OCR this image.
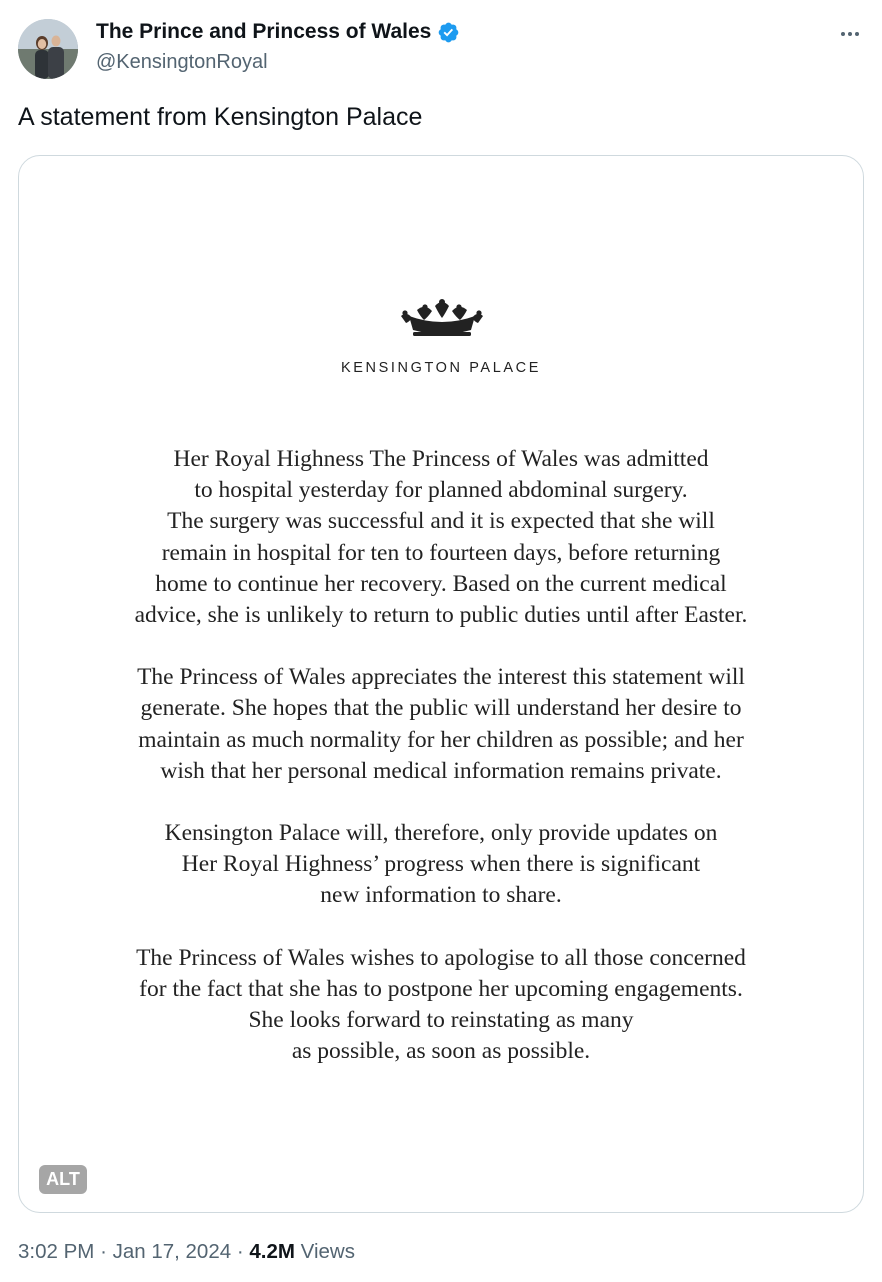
The Prince and Princess of Wales
@KensingtonRoyal
A statement from Kensington Palace
KENSINGTON PALACE

Her Royal Highness The Princess of Wales was admitted
to hospital yesterday for planned abdominal surgery.
The surgery was successful and it is expected that she will
remain in hospital for ten to fourteen days, before returning
home to continue her recovery. Based on the current medical
advice, she is unlikely to return to public duties until after Easter.

The Princess of Wales appreciates the interest this statement will
generate. She hopes that the public will understand her desire to
maintain as much normality for her children as possible; and her
wish that her personal medical information remains private.

Kensington Palace will, therefore, only provide updates on
Her Royal Highness’ progress when there is significant
new information to share.

The Princess of Wales wishes to apologise to all those concerned
for the fact that she has to postpone her upcoming engagements.
She looks forward to reinstating as many
as possible, as soon as possible.

ALT
3:02 PM · Jan 17, 2024 · 4.2M Views
